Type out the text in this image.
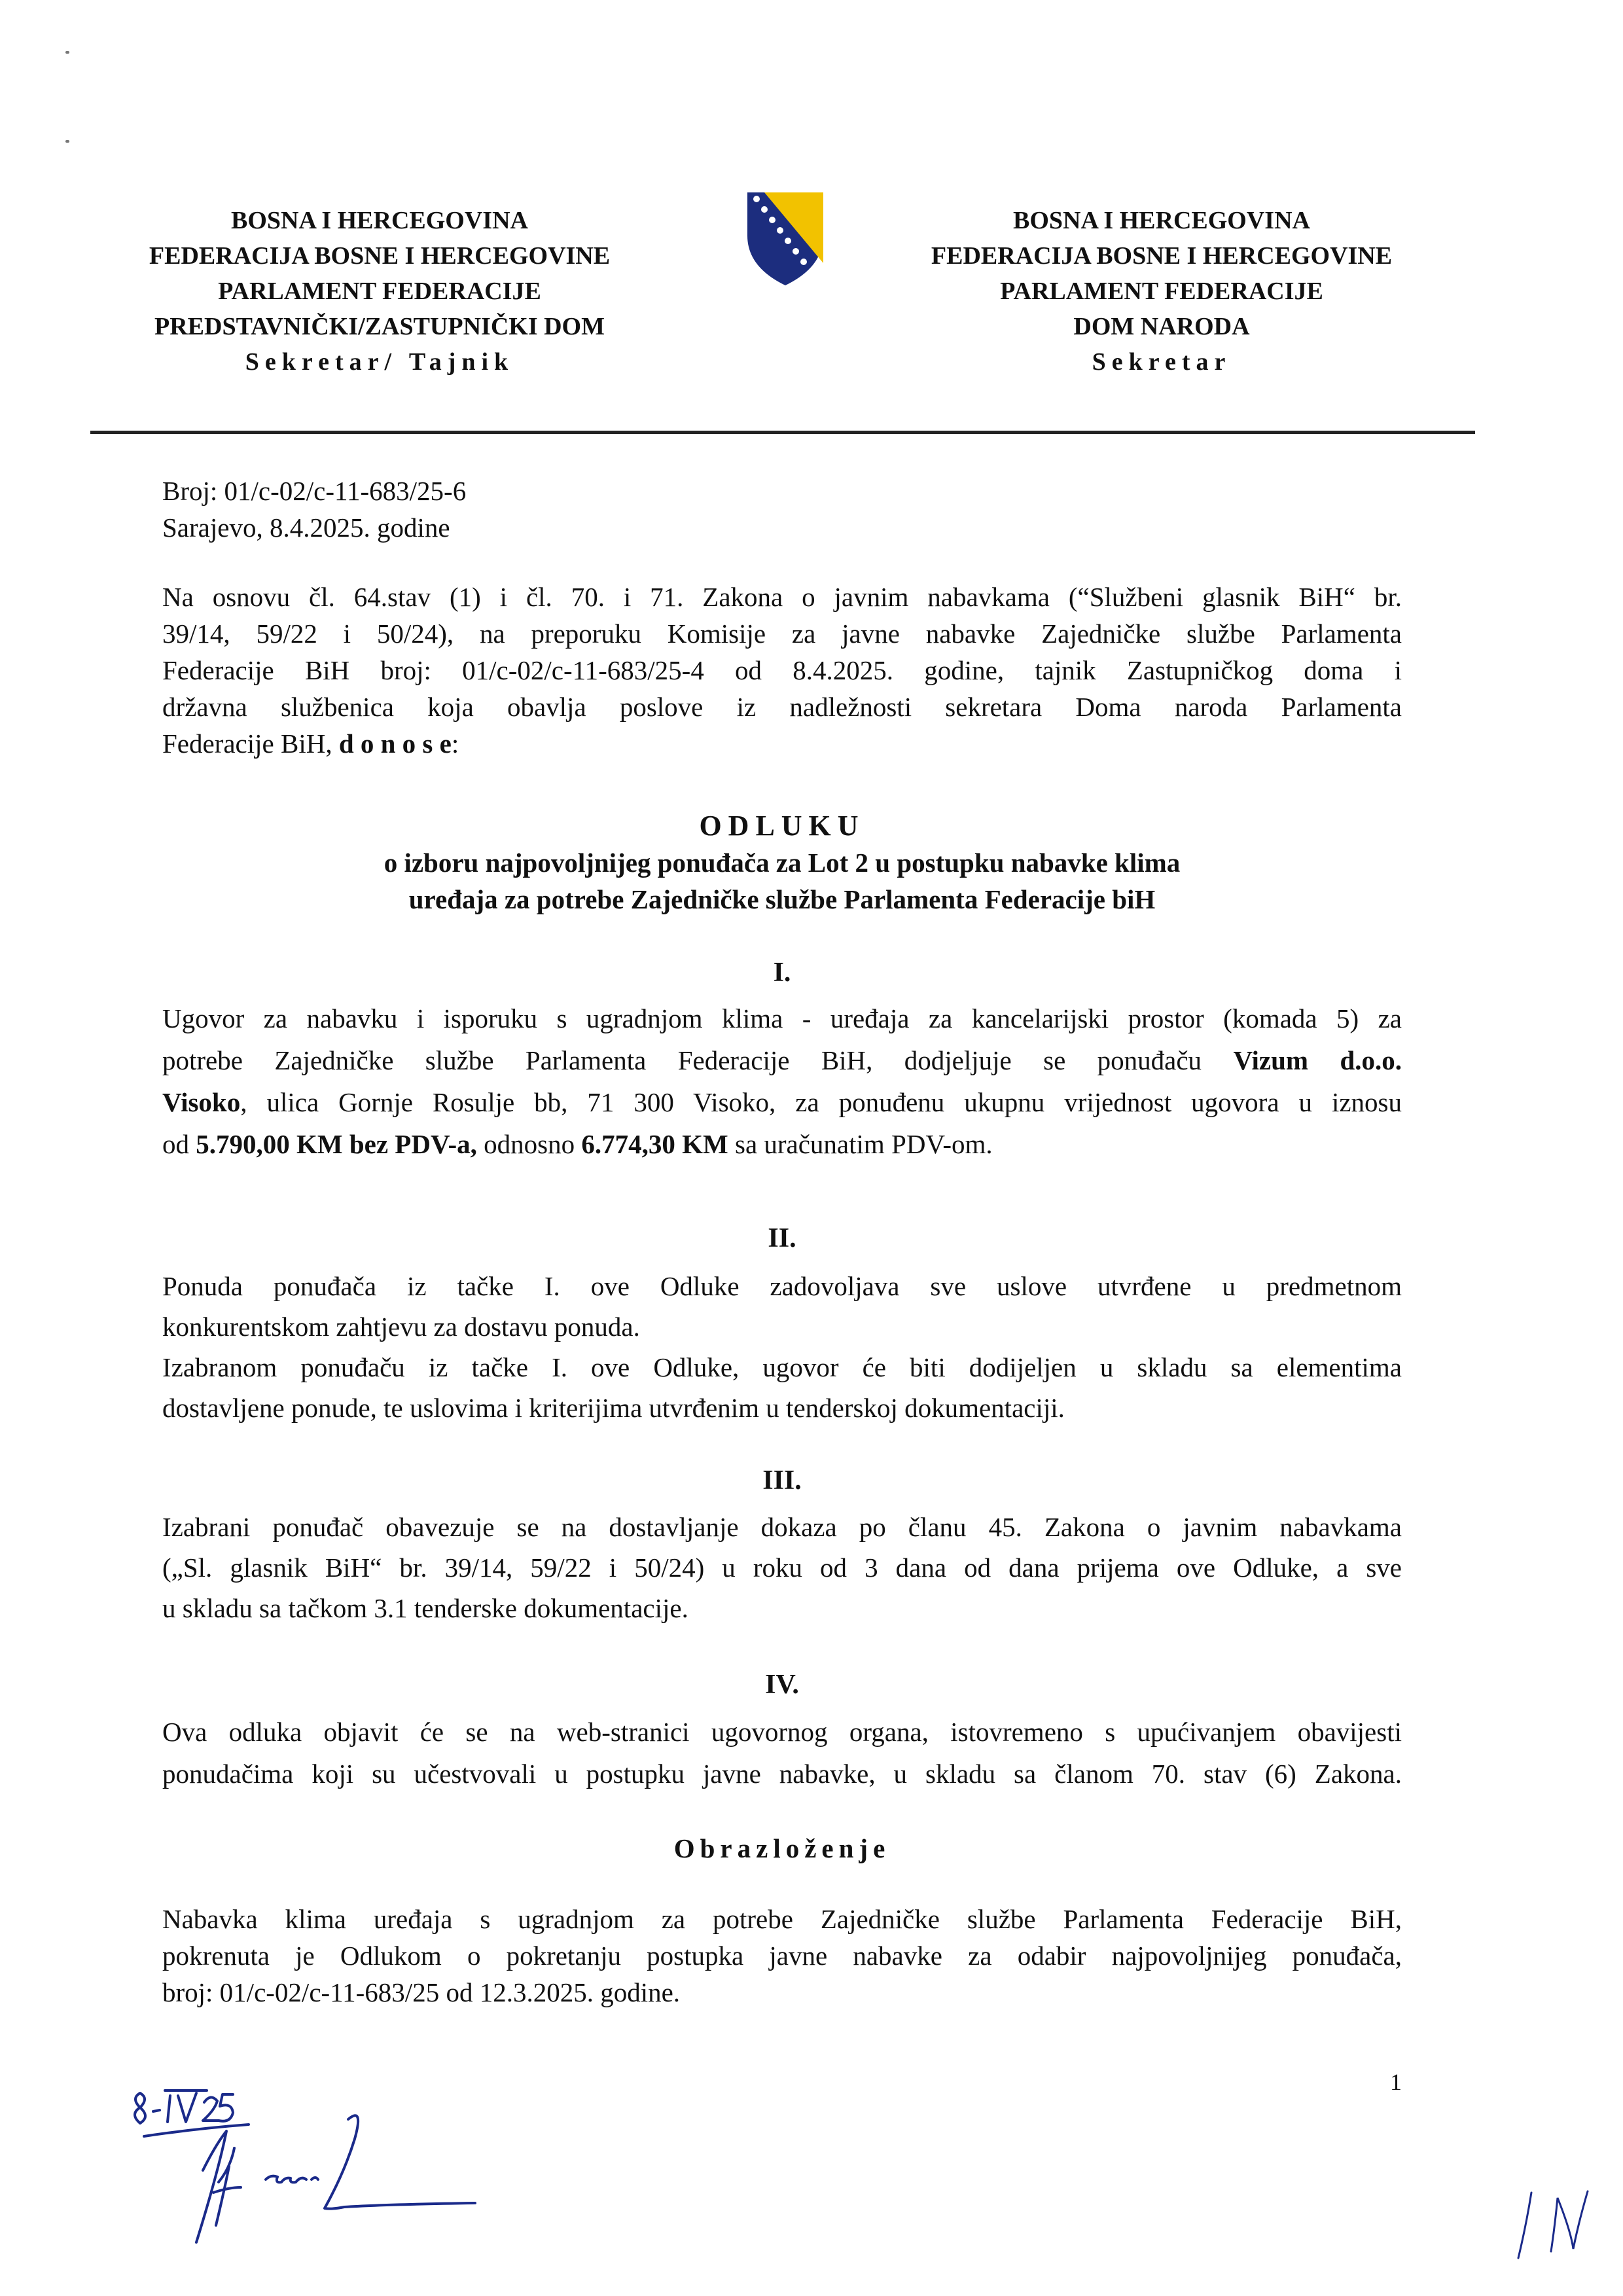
BOSNA I HERCEGOVINA
FEDERACIJA BOSNE I HERCEGOVINE
PARLAMENT FEDERACIJE
PREDSTAVNIČKI/ZASTUPNIČKI DOM
Sekretar/ Tajnik
BOSNA I HERCEGOVINA
FEDERACIJA BOSNE I HERCEGOVINE
PARLAMENT FEDERACIJE
DOM NARODA
Sekretar
Broj: 01/c-02/c-11-683/25-6
Sarajevo, 8.4.2025. godine
Na osnovu čl. 64.stav (1) i čl. 70. i 71. Zakona o javnim nabavkama (“Službeni glasnik BiH“ br.
39/14, 59/22 i 50/24), na preporuku Komisije za javne nabavke Zajedničke službe Parlamenta
Federacije BiH broj: 01/c-02/c-11-683/25-4 od 8.4.2025. godine, tajnik Zastupničkog doma i
državna službenica koja obavlja poslove iz nadležnosti sekretara Doma naroda Parlamenta
Federacije BiH, d o n o s e:
ODLUKU
o izboru najpovoljnijeg ponuđača za Lot 2 u postupku nabavke klima
uređaja za potrebe Zajedničke službe Parlamenta Federacije biH
I.
Ugovor za nabavku i isporuku s ugradnjom klima - uređaja za kancelarijski prostor (komada 5) za
potrebe Zajedničke službe Parlamenta Federacije BiH, dodjeljuje se ponuđaču Vizum d.o.o.
Visoko, ulica Gornje Rosulje bb, 71 300 Visoko, za ponuđenu ukupnu vrijednost ugovora u iznosu
od 5.790,00 KM bez PDV-a, odnosno 6.774,30 KM sa uračunatim PDV-om.
II.
Ponuda ponuđača iz tačke I. ove Odluke zadovoljava sve uslove utvrđene u predmetnom
konkurentskom zahtjevu za dostavu ponuda.
Izabranom ponuđaču iz tačke I. ove Odluke, ugovor će biti dodijeljen u skladu sa elementima
dostavljene ponude, te uslovima i kriterijima utvrđenim u tenderskoj dokumentaciji.
III.
Izabrani ponuđač obavezuje se na dostavljanje dokaza po članu 45. Zakona o javnim nabavkama
(„Sl. glasnik BiH“ br. 39/14, 59/22 i 50/24) u roku od 3 dana od dana prijema ove Odluke, a sve
u skladu sa tačkom 3.1 tenderske dokumentacije.
IV.
Ova odluka objavit će se na web-stranici ugovornog organa, istovremeno s upućivanjem obavijesti
ponudačima koji su učestvovali u postupku javne nabavke, u skladu sa članom 70. stav (6) Zakona.
Obrazloženje
Nabavka klima uređaja s ugradnjom za potrebe Zajedničke službe Parlamenta Federacije BiH,
pokrenuta je Odlukom o pokretanju postupka javne nabavke za odabir najpovoljnijeg ponuđača,
broj: 01/c-02/c-11-683/25 od 12.3.2025. godine.
1
